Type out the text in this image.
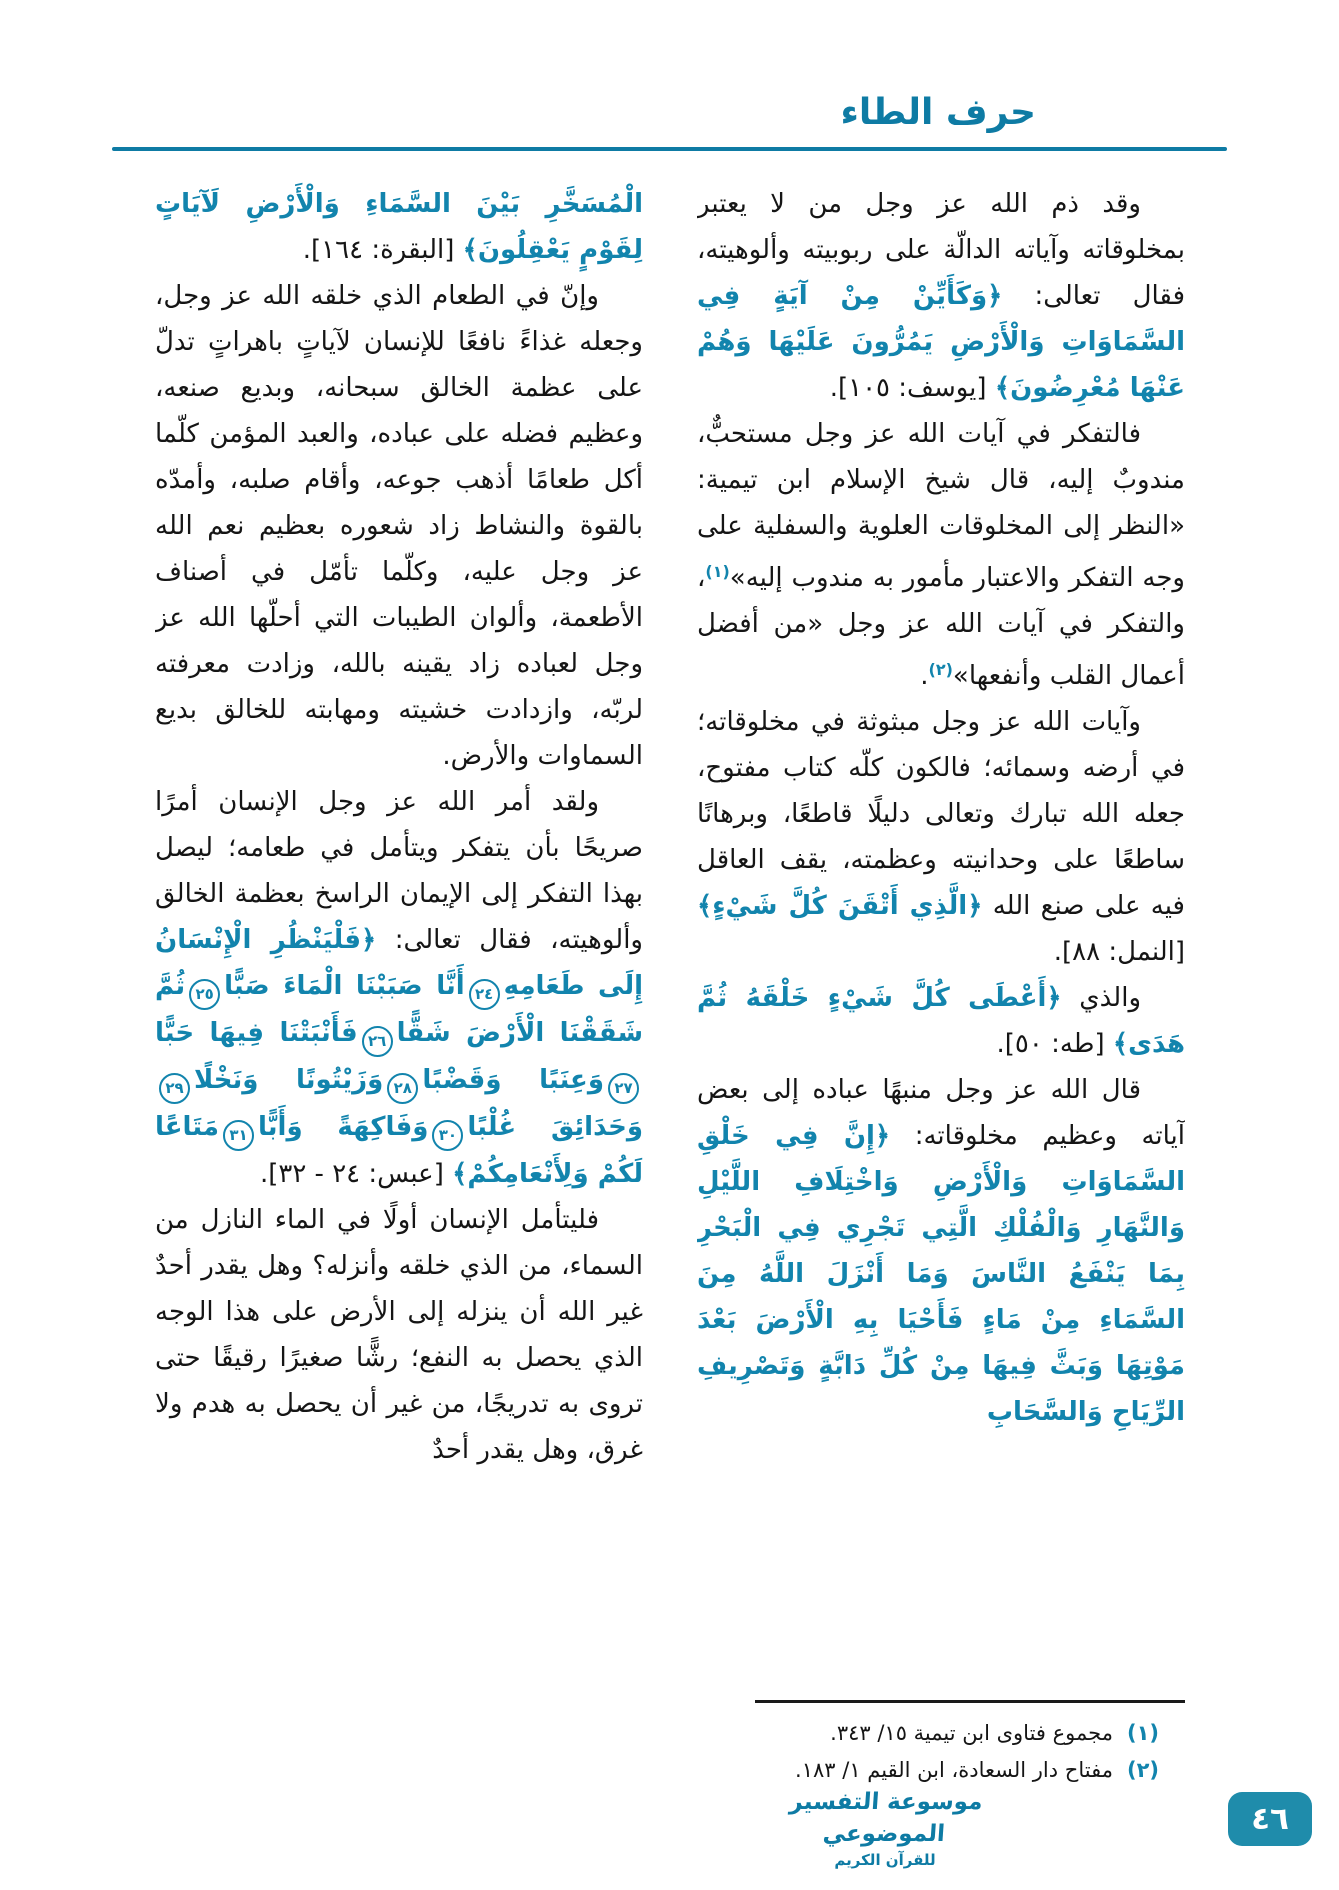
حرف الطاء

وقد ذم الله عز وجل من لا يعتبر بمخلوقاته وآياته الدالّة على ربوبيته وألوهيته، فقال تعالى: ﴿وَكَأَيِّنْ مِنْ آيَةٍ فِي السَّمَاوَاتِ وَالْأَرْضِ يَمُرُّونَ عَلَيْهَا وَهُمْ عَنْهَا مُعْرِضُونَ﴾ [يوسف: ١٠٥].

فالتفكر في آيات الله عز وجل مستحبٌّ، مندوبٌ إليه، قال شيخ الإسلام ابن تيمية: «النظر إلى المخلوقات العلوية والسفلية على وجه التفكر والاعتبار مأمور به مندوب إليه»$^{(١)}$، والتفكر في آيات الله عز وجل «من أفضل أعمال القلب وأنفعها»$^{(٢)}$.

وآيات الله عز وجل مبثوثة في مخلوقاته؛ في أرضه وسمائه؛ فالكون كلّه كتاب مفتوح، جعله الله تبارك وتعالى دليلًا قاطعًا، وبرهانًا ساطعًا على وحدانيته وعظمته، يقف العاقل فيه على صنع الله ﴿الَّذِي أَتْقَنَ كُلَّ شَيْءٍ﴾ [النمل: ٨٨].

والذي ﴿أَعْطَى كُلَّ شَيْءٍ خَلْقَهُ ثُمَّ هَدَى﴾ [طه: ٥٠].

قال الله عز وجل منبهًا عباده إلى بعض آياته وعظيم مخلوقاته: ﴿إِنَّ فِي خَلْقِ السَّمَاوَاتِ وَالْأَرْضِ وَاخْتِلَافِ اللَّيْلِ وَالنَّهَارِ وَالْفُلْكِ الَّتِي تَجْرِي فِي الْبَحْرِ بِمَا يَنْفَعُ النَّاسَ وَمَا أَنْزَلَ اللَّهُ مِنَ السَّمَاءِ مِنْ مَاءٍ فَأَحْيَا بِهِ الْأَرْضَ بَعْدَ مَوْتِهَا وَبَثَّ فِيهَا مِنْ كُلِّ دَابَّةٍ وَتَصْرِيفِ الرِّيَاحِ وَالسَّحَابِ

الْمُسَخَّرِ بَيْنَ السَّمَاءِ وَالْأَرْضِ لَآيَاتٍ لِقَوْمٍ يَعْقِلُونَ﴾ [البقرة: ١٦٤].

وإنّ في الطعام الذي خلقه الله عز وجل، وجعله غذاءً نافعًا للإنسان لآياتٍ باهراتٍ تدلّ على عظمة الخالق سبحانه، وبديع صنعه، وعظيم فضله على عباده، والعبد المؤمن كلّما أكل طعامًا أذهب جوعه، وأقام صلبه، وأمدّه بالقوة والنشاط زاد شعوره بعظيم نعم الله عز وجل عليه، وكلّما تأمّل في أصناف الأطعمة، وألوان الطيبات التي أحلّها الله عز وجل لعباده زاد يقينه بالله، وزادت معرفته لربّه، وازدادت خشيته ومهابته للخالق بديع السماوات والأرض.

ولقد أمر الله عز وجل الإنسان أمرًا صريحًا بأن يتفكر ويتأمل في طعامه؛ ليصل بهذا التفكر إلى الإيمان الراسخ بعظمة الخالق وألوهيته، فقال تعالى: ﴿فَلْيَنْظُرِ الْإِنْسَانُ إِلَى طَعَامِهِ٢٤أَنَّا صَبَبْنَا الْمَاءَ صَبًّا٢٥ثُمَّ شَقَقْنَا الْأَرْضَ شَقًّا٢٦فَأَنْبَتْنَا فِيهَا حَبًّا٢٧وَعِنَبًا وَقَضْبًا٢٨وَزَيْتُونًا وَنَخْلًا٢٩وَحَدَائِقَ غُلْبًا٣٠وَفَاكِهَةً وَأَبًّا٣١مَتَاعًا لَكُمْ وَلِأَنْعَامِكُمْ﴾ [عبس: ٢٤ - ٣٢].

فليتأمل الإنسان أولًا في الماء النازل من السماء، من الذي خلقه وأنزله؟ وهل يقدر أحدٌ غير الله أن ينزله إلى الأرض على هذا الوجه الذي يحصل به النفع؛ رشًّا صغيرًا رقيقًا حتى تروى به تدريجًا، من غير أن يحصل به هدم ولا غرق، وهل يقدر أحدٌ

(١)
مجموع فتاوى ابن تيمية ١٥/ ٣٤٣.
(٢)
مفتاح دار السعادة، ابن القيم ١/ ١٨٣.
موسوعة التفسير الموضوعي
للقرآن الكريم
٤٦
